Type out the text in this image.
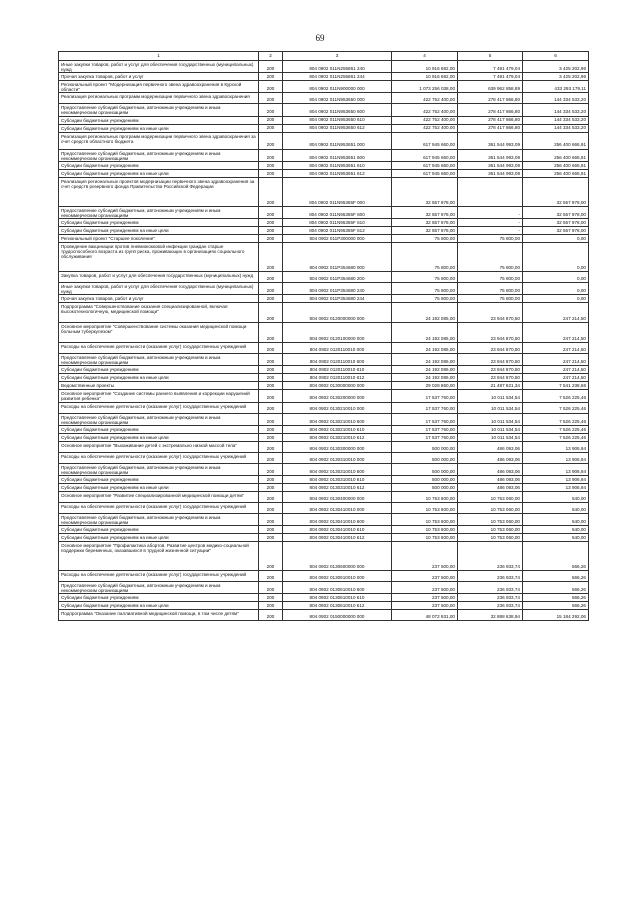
69
1	2	3	4	5	6
Иные закупки товаров, работ и услуг для обеспечения государственных (муниципальных) нужд	200	804 0902 011N255861 240	10 916 682,00	7 491 479,04	3 425 202,96
Прочая закупка товаров, работ и услуг	200	804 0902 011N255861 244	10 916 682,00	7 491 479,04	3 425 202,96
Региональный проект "Модернизация первичного звена здравоохранения в Курской области"	200	804 0902 011N900000 000	1 073 256 038,00	639 962 858,89	433 293 179,11
Реализация региональных программ модернизации первичного звена здравоохранения	200	804 0902 011N953650 000	422 752 400,00	278 417 866,80	144 334 533,20
Предоставление субсидий бюджетным, автономным учреждениям и иным некоммерческим организациям	200	804 0902 011N953650 600	422 752 400,00	278 417 866,80	144 334 533,20
Субсидии бюджетным учреждениям	200	804 0902 011N953650 610	422 752 400,00	278 417 866,80	144 334 533,20
Субсидии бюджетным учреждениям на иные цели	200	804 0902 011N953650 612	422 752 400,00	278 417 866,80	144 334 533,20
Реализация региональных программ модернизации первичного звена здравоохранения за счет средств областного бюджета	200	804 0902 011N953651 000	617 945 660,00	361 544 993,09	256 400 666,91
Предоставление субсидий бюджетным, автономным учреждениям и иным некоммерческим организациям	200	804 0902 011N953651 600	617 945 660,00	361 544 993,09	256 400 666,91
Субсидии бюджетным учреждениям	200	804 0902 011N953651 610	617 945 660,00	361 544 993,09	256 400 666,91
Субсидии бюджетным учреждениям на иные цели	200	804 0902 011N953651 612	617 945 660,00	361 544 993,09	256 400 666,91
Реализация региональных проектов модернизации первичного звена здравоохранения за счет средств резервного фонда Правительства Российской Федерации	200	804 0902 011N95365F 000	32 557 978,00		32 557 978,00
Предоставление субсидий бюджетным, автономным учреждениям и иным некоммерческим организациям	200	804 0902 011N95365F 600	32 557 978,00	-	32 557 978,00
Субсидии бюджетным учреждениям	200	804 0902 011N95365F 610	32 557 978,00	-	32 557 978,00
Субсидии бюджетным учреждениям на иные цели	200	804 0902 011N95365F 612	32 557 978,00	-	32 557 978,00
Региональный проект "Старшее поколение"	200	804 0902 011P300000 000	75 800,00	75 800,00	0,00
Проведение вакцинации против пневмококковой инфекции граждан старше трудоспособного возраста из групп риска, проживающих в организациях социального обслуживания	200	804 0902 011P354680 000	75 800,00	75 800,00	0,00
Закупка товаров, работ и услуг для обеспечения государственных (муниципальных) нужд	200	804 0902 011P354680 200	75 800,00	75 800,00	0,00
Иные закупки товаров, работ и услуг для обеспечения государственных (муниципальных) нужд	200	804 0902 011P354680 240	75 800,00	75 800,00	0,00
Прочая закупка товаров, работ и услуг	200	804 0902 011P354680 244	75 800,00	75 800,00	0,00
Подпрограмма "Совершенствование оказания специализированной, включая высокотехнологичную, медицинской помощи"	200	804 0902 0120000000 000	24 192 085,00	23 944 870,50	247 214,50
Основное мероприятие "Совершенствование системы оказания медицинской помощи больным туберкулезом"	200	804 0902 0120100000 000	24 192 085,00	23 944 870,50	247 214,50
Расходы на обеспечение деятельности (оказание услуг) государственных учреждений	200	804 0902 0120110010 000	24 192 085,00	23 944 870,50	247 214,50
Предоставление субсидий бюджетным, автономным учреждениям и иным некоммерческим организациям	200	804 0902 0120110010 600	24 192 085,00	23 944 870,50	247 214,50
Субсидии бюджетным учреждениям	200	804 0902 0120110010 610	24 192 085,00	23 944 870,50	247 214,50
Субсидии бюджетным учреждениям на иные цели	200	804 0902 0120110010 612	24 192 085,00	23 944 870,50	247 214,50
Ведомственные проекты	200	804 0902 0130000000 000	29 028 860,00	21 487 621,34	7 541 238,66
Основное мероприятие "Создание системы раннего выявления и коррекции нарушений развития ребенка"	200	804 0902 0130200000 000	17 537 760,00	10 011 534,54	7 526 225,46
Расходы на обеспечение деятельности (оказание услуг) государственных учреждений	200	804 0902 0130210010 000	17 537 760,00	10 011 534,54	7 526 225,46
Предоставление субсидий бюджетным, автономным учреждениям и иным некоммерческим организациям	200	804 0902 0130210010 600	17 537 760,00	10 011 534,54	7 526 225,46
Субсидии бюджетным учреждениям	200	804 0902 0130210010 610	17 537 760,00	10 011 534,54	7 526 225,46
Субсидии бюджетным учреждениям на иные цели	200	804 0902 0130210010 612	17 537 760,00	10 011 534,54	7 526 225,46
Основное мероприятие "Выхаживание детей с экстремально низкой массой тела"	200	804 0902 0130300000 000	500 000,00	486 093,06	13 906,94
Расходы на обеспечение деятельности (оказание услуг) государственных учреждений	200	804 0902 0130310010 000	500 000,00	486 093,06	13 906,94
Предоставление субсидий бюджетным, автономным учреждениям и иным некоммерческим организациям	200	804 0902 0130310010 600	500 000,00	486 093,06	13 906,94
Субсидии бюджетным учреждениям	200	804 0902 0130310010 610	500 000,00	486 093,06	13 906,94
Субсидии бюджетным учреждениям на иные цели	200	804 0902 0130310010 612	500 000,00	486 093,06	13 906,94
Основное мероприятие "Развитие специализированной медицинской помощи детям"	200	804 0902 0130400000 000	10 753 600,00	10 753 060,00	540,00
Расходы на обеспечение деятельности (оказание услуг) государственных учреждений	200	804 0902 0130410010 000	10 753 600,00	10 753 060,00	540,00
Предоставление субсидий бюджетным, автономным учреждениям и иным некоммерческим организациям	200	804 0902 0130410010 600	10 753 600,00	10 753 060,00	540,00
Субсидии бюджетным учреждениям	200	804 0902 0130410010 610	10 753 600,00	10 753 060,00	540,00
Субсидии бюджетным учреждениям на иные цели	200	804 0902 0130410010 612	10 753 600,00	10 753 060,00	540,00
Основное мероприятие "Профилактика абортов. Развитие центров медико-социальной поддержки беременных, оказавшихся в трудной жизненной ситуации"	200	804 0902 0130600000 000	237 500,00	236 933,74	566,26
Расходы на обеспечение деятельности (оказание услуг) государственных учреждений	200	804 0902 0130610010 000	237 500,00	236 933,74	566,26
Предоставление субсидий бюджетным, автономным учреждениям и иным некоммерческим организациям	200	804 0902 0130610010 600	237 500,00	236 933,74	566,26
Субсидии бюджетным учреждениям	200	804 0902 0130610010 610	237 500,00	236 933,74	566,26
Субсидии бюджетным учреждениям на иные цели	200	804 0902 0130610010 612	237 500,00	236 933,74	566,26
Подпрограмма "Оказание паллиативной медицинской помощи, в том числе детям"	200	804 0902 0150000000 000	48 072 931,00	32 888 638,94	15 184 292,06
